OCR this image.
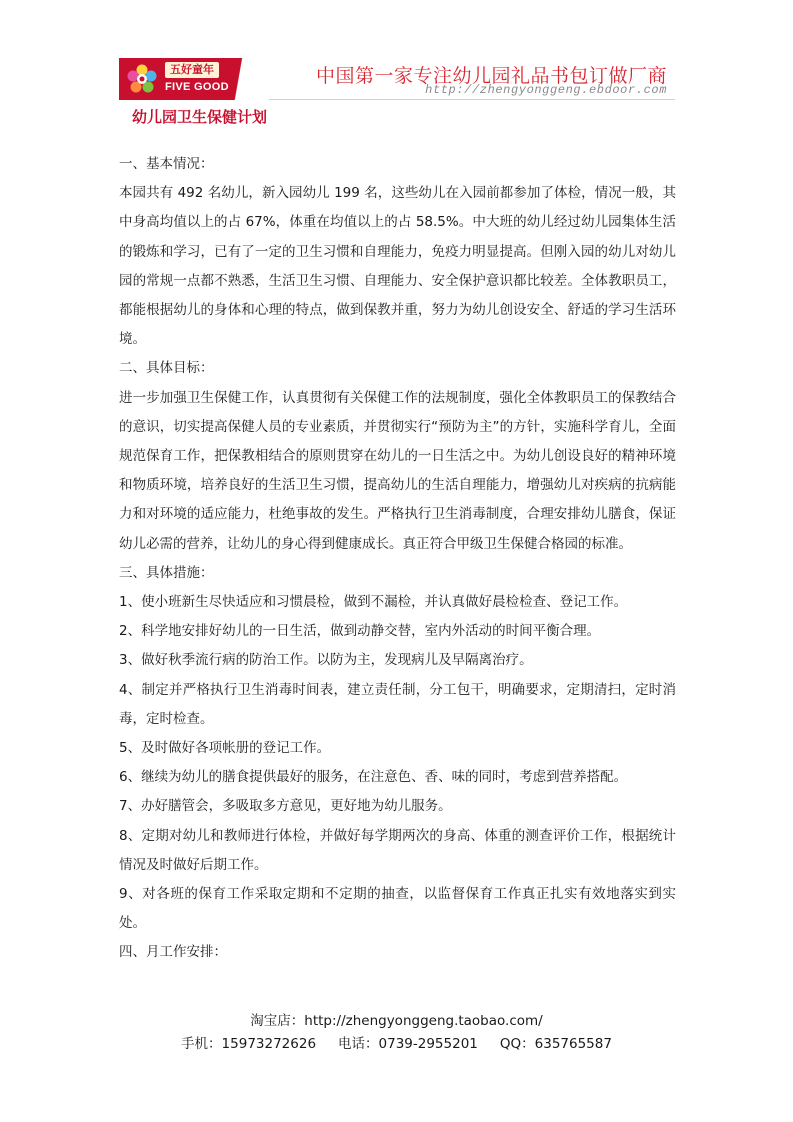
五好童年
FIVE GOOD	中国第一家专注幼儿园礼品书包订做厂商
http://zhengyonggeng.ebdoor.com
幼儿园卫生保健计划

一、基本情况：

本园共有 492 名幼儿，新入园幼儿 199 名，这些幼儿在入园前都参加了体检，情况一般，其中身高均值以上的占 67%，体重在均值以上的占 58.5%。中大班的幼儿经过幼儿园集体生活的锻炼和学习，已有了一定的卫生习惯和自理能力，免疫力明显提高。但刚入园的幼儿对幼儿园的常规一点都不熟悉，生活卫生习惯、自理能力、安全保护意识都比较差。全体教职员工，都能根据幼儿的身体和心理的特点，做到保教并重，努力为幼儿创设安全、舒适的学习生活环境。

二、具体目标：

进一步加强卫生保健工作，认真贯彻有关保健工作的法规制度，强化全体教职员工的保教结合的意识，切实提高保健人员的专业素质，并贯彻实行“预防为主”的方针，实施科学育儿，全面规范保育工作，把保教相结合的原则贯穿在幼儿的一日生活之中。为幼儿创设良好的精神环境和物质环境，培养良好的生活卫生习惯，提高幼儿的生活自理能力，增强幼儿对疾病的抗病能力和对环境的适应能力，杜绝事故的发生。严格执行卫生消毒制度，合理安排幼儿膳食，保证幼儿必需的营养，让幼儿的身心得到健康成长。真正符合甲级卫生保健合格园的标准。

三、具体措施：

1、使小班新生尽快适应和习惯晨检，做到不漏检，并认真做好晨检检查、登记工作。

2、科学地安排好幼儿的一日生活，做到动静交替，室内外活动的时间平衡合理。

3、做好秋季流行病的防治工作。以防为主，发现病儿及早隔离治疗。

4、制定并严格执行卫生消毒时间表，建立责任制，分工包干，明确要求，定期清扫，定时消毒，定时检查。

5、及时做好各项帐册的登记工作。

6、继续为幼儿的膳食提供最好的服务，在注意色、香、味的同时，考虑到营养搭配。

7、办好膳管会，多吸取多方意见，更好地为幼儿服务。

8、定期对幼儿和教师进行体检，并做好每学期两次的身高、体重的测查评价工作，根据统计情况及时做好后期工作。

9、对各班的保育工作采取定期和不定期的抽查，以监督保育工作真正扎实有效地落实到实处。

四、月工作安排：

淘宝店：http://zhengyonggeng.taobao.com/
手机：15973272626 电话：0739-2955201 QQ：635765587
